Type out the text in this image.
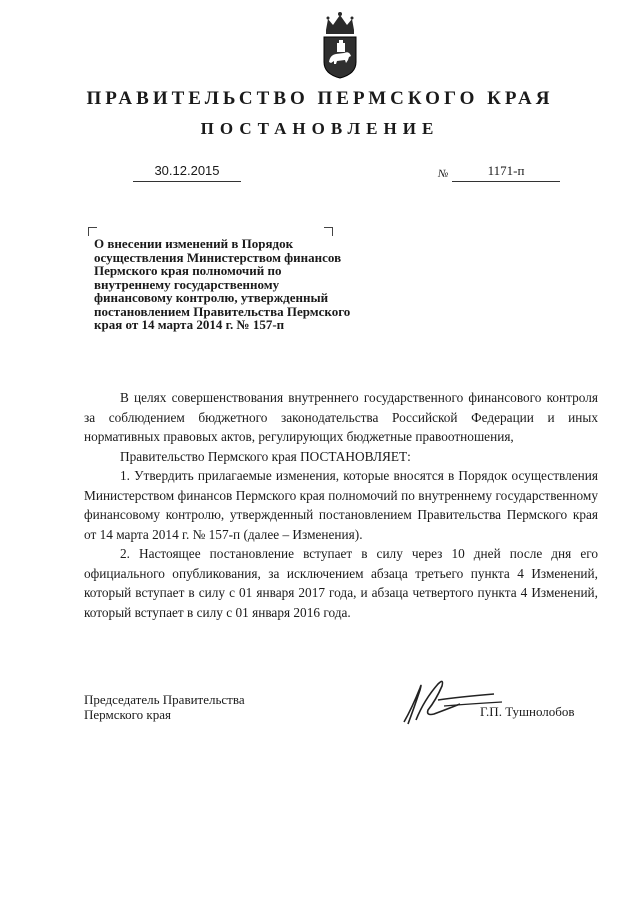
ПРАВИТЕЛЬСТВО ПЕРМСКОГО КРАЯ
ПОСТАНОВЛЕНИЕ
30.12.2015	№	1171-п
О внесении изменений в Порядок осуществления Министерством финансов Пермского края полномочий по внутреннему государственному финансовому контролю, утвержденный постановлением Правительства Пермского края от 14 марта 2014 г. № 157-п

В целях совершенствования внутреннего государственного финансового контроля за соблюдением бюджетного законодательства Российской Федерации и иных нормативных правовых актов, регулирующих бюджетные правоотношения,

Правительство Пермского края ПОСТАНОВЛЯЕТ:

1. Утвердить прилагаемые изменения, которые вносятся в Порядок осуществления Министерством финансов Пермского края полномочий по внутреннему государственному финансовому контролю, утвержденный постановлением Правительства Пермского края от 14 марта 2014 г. № 157-п (далее – Изменения).

2. Настоящее постановление вступает в силу через 10 дней после дня его официального опубликования, за исключением абзаца третьего пункта 4 Изменений, который вступает в силу с 01 января 2017 года, и абзаца четвертого пункта 4 Изменений, который вступает в силу с 01 января 2016 года.

Председатель Правительства
Пермского края	Г.П. Тушнолобов
